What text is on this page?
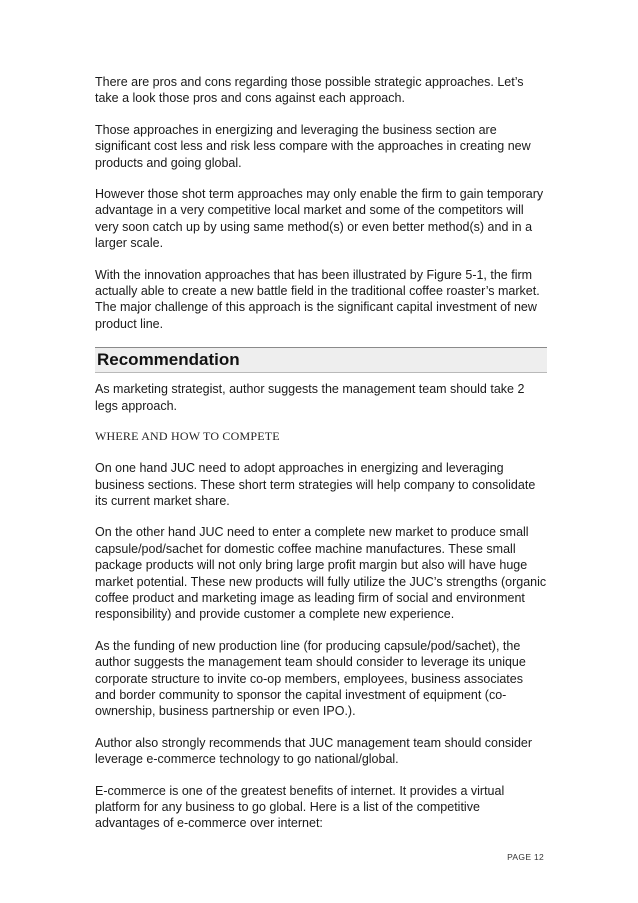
There are pros and cons regarding those possible strategic approaches. Let’s take a look those pros and cons against each approach.

Those approaches in energizing and leveraging the business section are significant cost less and risk less compare with the approaches in creating new products and going global.

However those shot term approaches may only enable the firm to gain temporary advantage in a very competitive local market and some of the competitors will very soon catch up by using same method(s) or even better method(s) and in a larger scale.

With the innovation approaches that has been illustrated by Figure 5-1, the firm actually able to create a new battle field in the traditional coffee roaster’s market. The major challenge of this approach is the significant capital investment of new product line.

Recommendation

As marketing strategist, author suggests the management team should take 2 legs approach.

WHERE AND HOW TO COMPETE

On one hand JUC need to adopt approaches in energizing and leveraging business sections. These short term strategies will help company to consolidate its current market share.

On the other hand JUC need to enter a complete new market to produce small capsule/pod/sachet for domestic coffee machine manufactures. These small package products will not only bring large profit margin but also will have huge market potential. These new products will fully utilize the JUC’s strengths (organic coffee product and marketing image as leading firm of social and environment responsibility) and provide customer a complete new experience.

As the funding of new production line (for producing capsule/pod/sachet), the author suggests the management team should consider to leverage its unique corporate structure to invite co-op members, employees, business associates and border community to sponsor the capital investment of equipment (co-ownership, business partnership or even IPO.).

Author also strongly recommends that JUC management team should consider leverage e-commerce technology to go national/global.

E-commerce is one of the greatest benefits of internet. It provides a virtual platform for any business to go global. Here is a list of the competitive advantages of e-commerce over internet:

PAGE 12
